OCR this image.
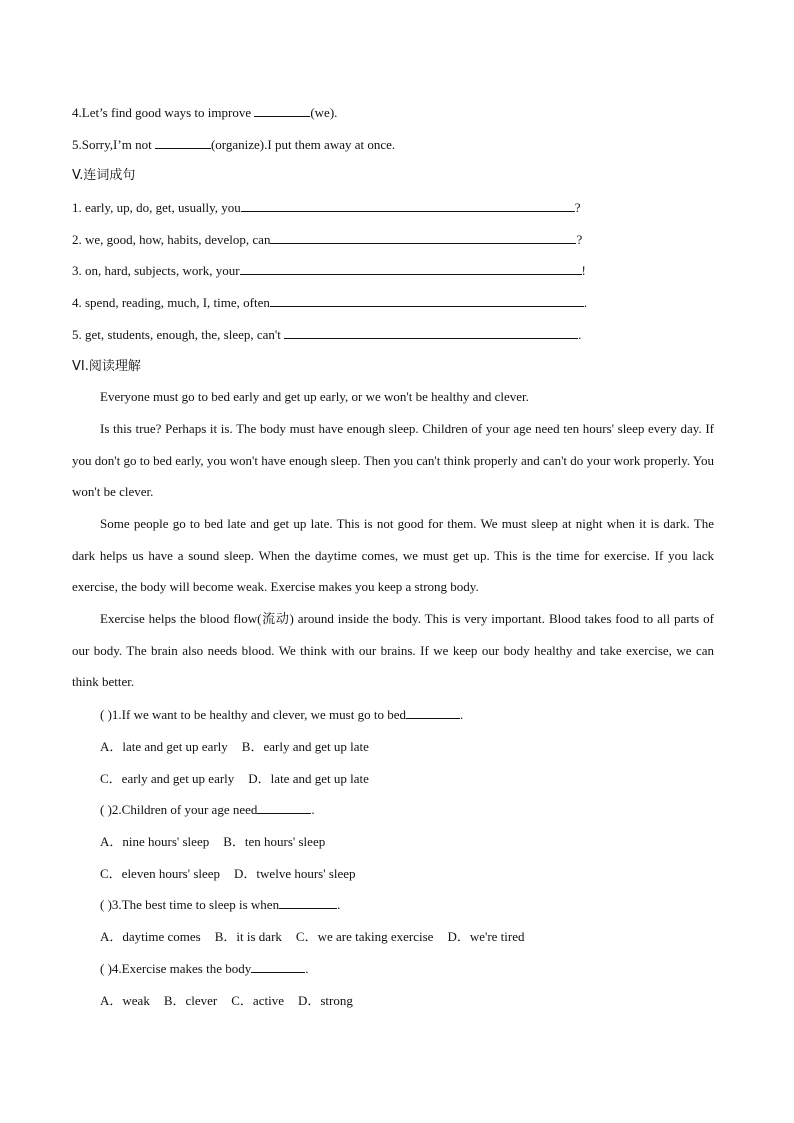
4.Let’s find good ways to improve	(we).
5.Sorry,I’m not	(organize).I put them away at once.
V.连词成句
1. early, up, do, get, usually, you	?
2. we, good, how, habits, develop, can	?
3. on, hard, subjects, work, your	!
4. spend, reading, much, I, time, often	.
5. get, students, enough, the, sleep, can't	.
VI.阅读理解
Everyone must go to bed early and get up early, or we won't be healthy and clever.
Is this true? Perhaps it is. The body must have enough sleep. Children of your age need ten hours' sleep every day. If you don't go to bed early, you won't have enough sleep. Then you can't think properly and can't do your work properly. You won't be clever.
Some people go to bed late and get up late. This is not good for them. We must sleep at night when it is dark. The dark helps us have a sound sleep. When the daytime comes, we must get up. This is the time for exercise. If you lack exercise, the body will become weak. Exercise makes you keep a strong body.
Exercise helps the blood flow(流动) around inside the body. This is very important. Blood takes food to all parts of our body. The brain also needs blood. We think with our brains. If we keep our body healthy and take exercise, we can think better.
( )1.If we want to be healthy and clever, we must go to bed	.
A．late and get up early B．early and get up late
C．early and get up early D．late and get up late
( )2.Children of your age need	.
A．nine hours' sleep B．ten hours' sleep
C．eleven hours' sleep D．twelve hours' sleep
( )3.The best time to sleep is when	.
A．daytime comes B．it is dark C．we are taking exercise D．we're tired
( )4.Exercise makes the body	.
A．weak B．clever C．active D．strong
